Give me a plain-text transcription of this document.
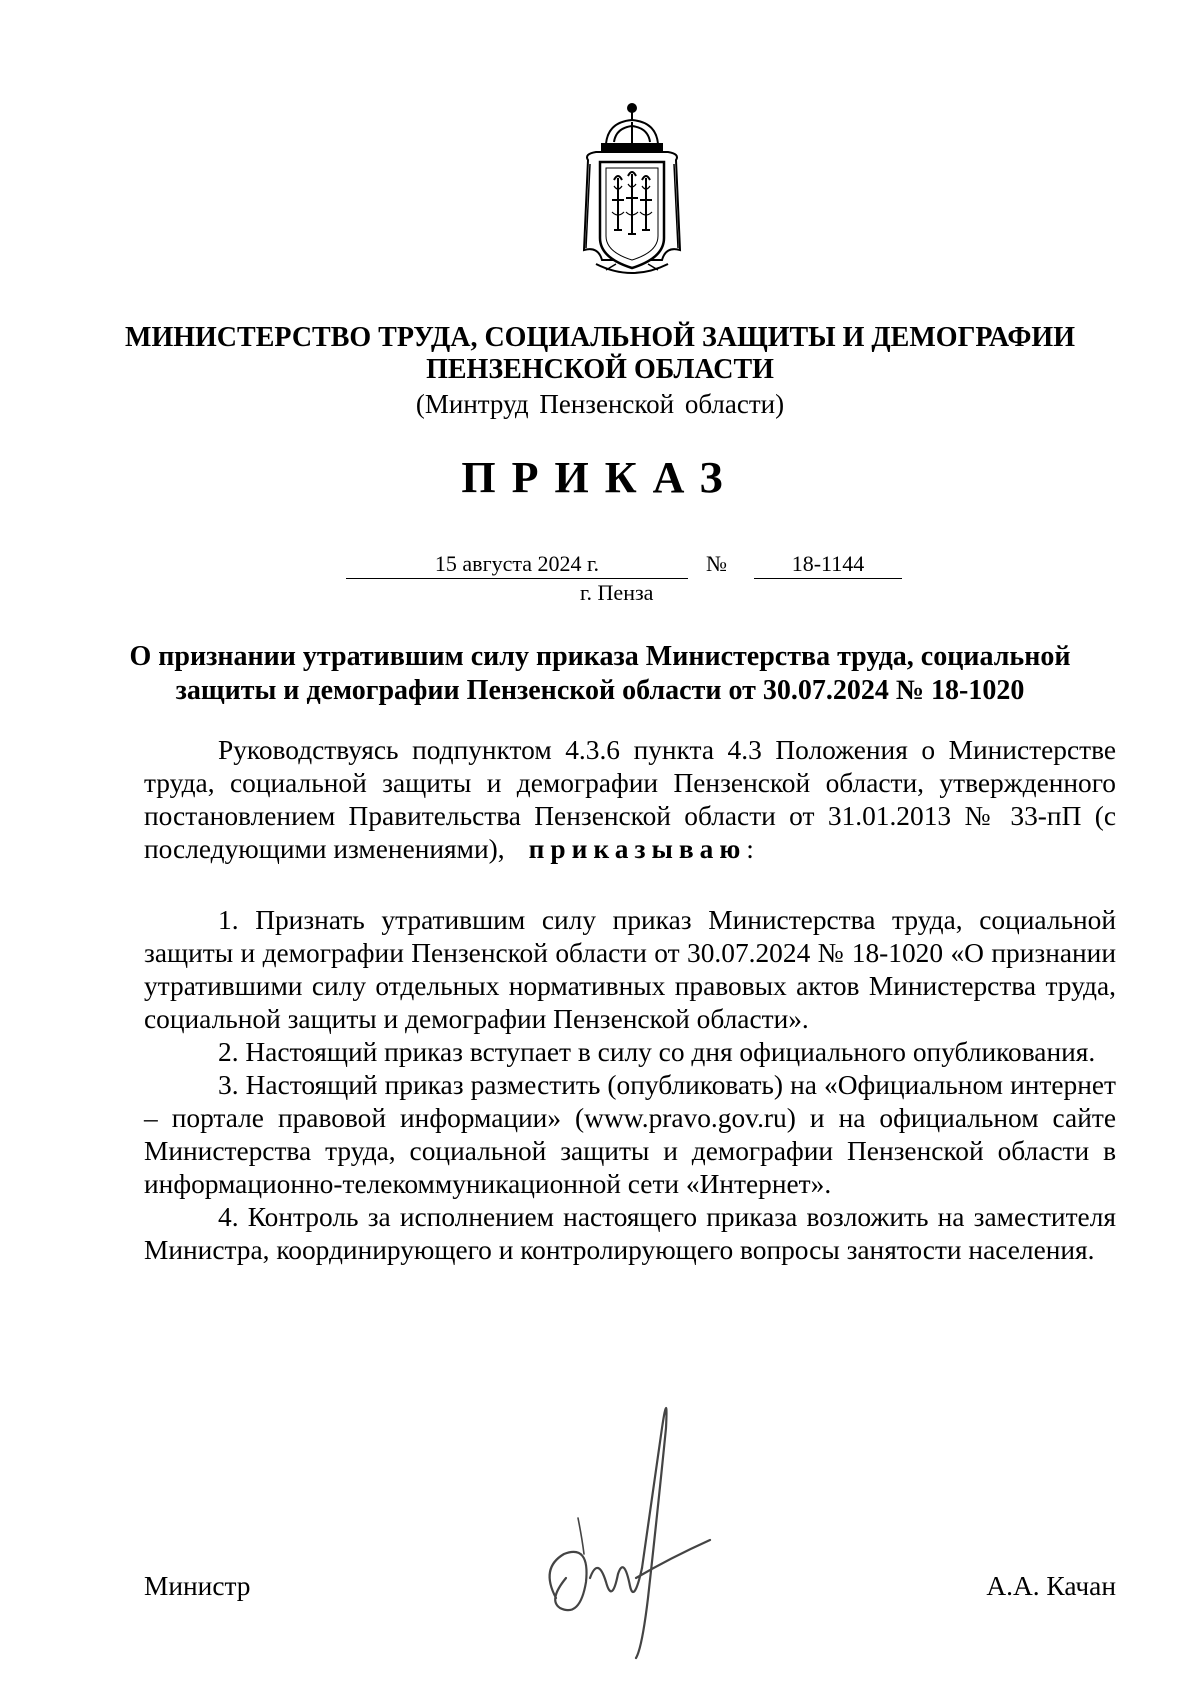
МИНИСТЕРСТВО ТРУДА, СОЦИАЛЬНОЙ ЗАЩИТЫ И ДЕМОГРАФИИ
ПЕНЗЕНСКОЙ ОБЛАСТИ
(Минтруд Пензенской области)
ПРИКАЗ
15 августа 2024 г.	№	18-1144
г. Пенза
О признании утратившим силу приказа Министерства труда, социальной защиты и демографии Пензенской области от 30.07.2024 № 18-1020

Руководствуясь подпунктом 4.3.6 пункта 4.3 Положения о Министерстве труда, социальной защиты и демографии Пензенской области, утвержденного постановлением Правительства Пензенской области от 31.01.2013 № 33-пП (с последующими изменениями), приказываю:

1. Признать утратившим силу приказ Министерства труда, социальной защиты и демографии Пензенской области от 30.07.2024 № 18-1020 «О признании утратившими силу отдельных нормативных правовых актов Министерства труда, социальной защиты и демографии Пензенской области».

2. Настоящий приказ вступает в силу со дня официального опубликования.

3. Настоящий приказ разместить (опубликовать) на «Официальном интернет – портале правовой информации» (www.pravo.gov.ru) и на официальном сайте Министерства труда, социальной защиты и демографии Пензенской области в информационно-телекоммуникационной сети «Интернет».

4. Контроль за исполнением настоящего приказа возложить на заместителя Министра, координирующего и контролирующего вопросы занятости населения.

Министр	А.А. Качан
